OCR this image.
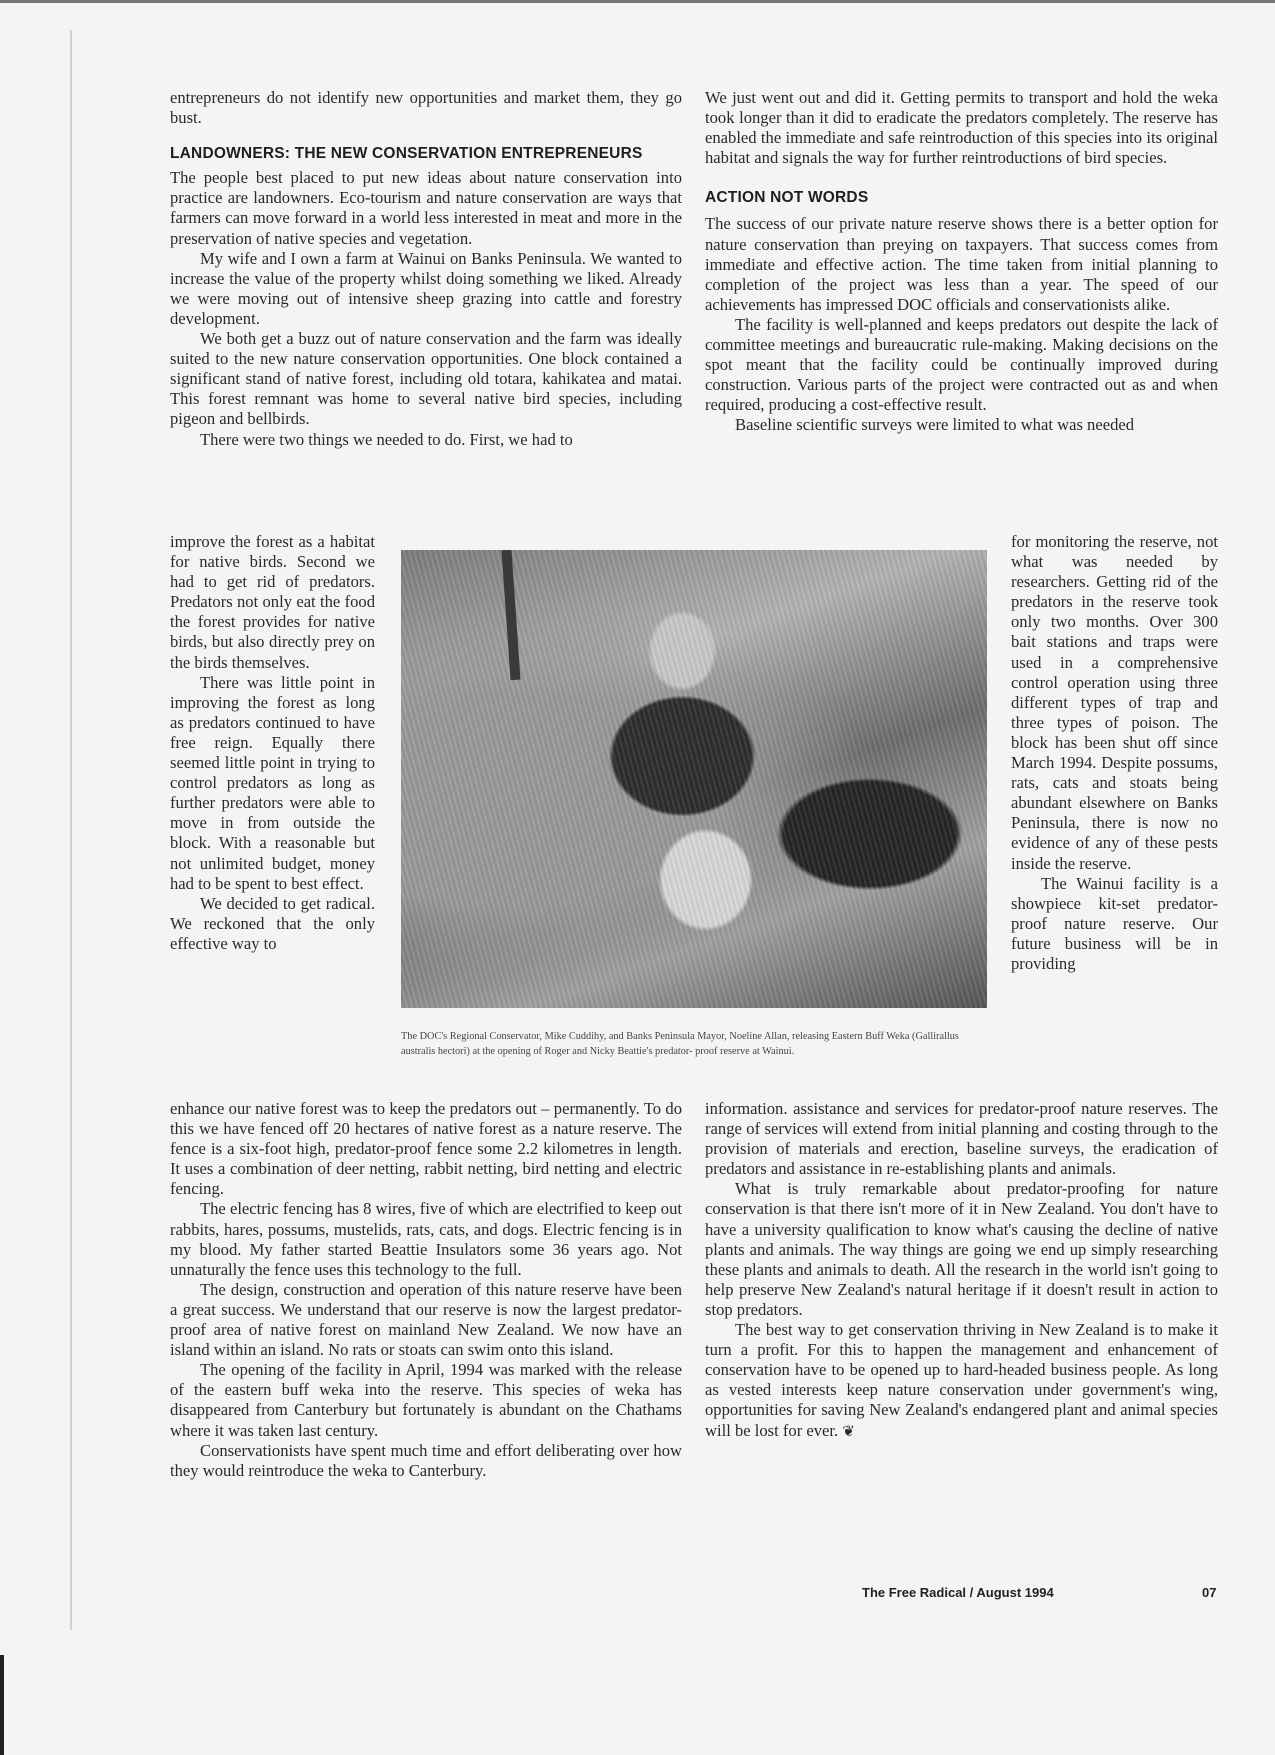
entrepreneurs do not identify new opportunities and market them, they go bust.

LANDOWNERS: THE NEW CONSERVATION ENTREPRENEURS

The people best placed to put new ideas about nature conservation into practice are landowners. Eco-tourism and nature conservation are ways that farmers can move forward in a world less interested in meat and more in the preservation of native species and vegetation.

My wife and I own a farm at Wainui on Banks Peninsula. We wanted to increase the value of the property whilst doing something we liked. Already we were moving out of intensive sheep grazing into cattle and forestry development.

We both get a buzz out of nature conservation and the farm was ideally suited to the new nature conservation opportunities. One block contained a significant stand of native forest, including old totara, kahikatea and matai. This forest remnant was home to several native bird species, including pigeon and bellbirds.

There were two things we needed to do. First, we had to

improve the forest as a habitat for native birds. Second we had to get rid of predators. Predators not only eat the food the forest provides for native birds, but also directly prey on the birds themselves.

There was little point in improving the forest as long as predators continued to have free reign. Equally there seemed little point in trying to control predators as long as further predators were able to move in from outside the block. With a reasonable but not unlimited budget, money had to be spent to best effect.

We decided to get radical. We reckoned that the only effective way to

The DOC's Regional Conservator, Mike Cuddihy, and Banks Peninsula Mayor, Noeline Allan, releasing Eastern Buff Weka (Gallirallus australis hectori) at the opening of Roger and Nicky Beattie's predator- proof reserve at Wainui.

enhance our native forest was to keep the predators out – permanently. To do this we have fenced off 20 hectares of native forest as a nature reserve. The fence is a six-foot high, predator-proof fence some 2.2 kilometres in length. It uses a combination of deer netting, rabbit netting, bird netting and electric fencing.

The electric fencing has 8 wires, five of which are electrified to keep out rabbits, hares, possums, mustelids, rats, cats, and dogs. Electric fencing is in my blood. My father started Beattie Insulators some 36 years ago. Not unnaturally the fence uses this technology to the full.

The design, construction and operation of this nature reserve have been a great success. We understand that our reserve is now the largest predator-proof area of native forest on mainland New Zealand. We now have an island within an island. No rats or stoats can swim onto this island.

The opening of the facility in April, 1994 was marked with the release of the eastern buff weka into the reserve. This species of weka has disappeared from Canterbury but fortunately is abundant on the Chathams where it was taken last century.

Conservationists have spent much time and effort deliberating over how they would reintroduce the weka to Canterbury.

We just went out and did it. Getting permits to transport and hold the weka took longer than it did to eradicate the predators completely. The reserve has enabled the immediate and safe reintroduction of this species into its original habitat and signals the way for further reintroductions of bird species.

ACTION NOT WORDS

The success of our private nature reserve shows there is a better option for nature conservation than preying on taxpayers. That success comes from immediate and effective action. The time taken from initial planning to completion of the project was less than a year. The speed of our achievements has impressed DOC officials and conservationists alike.

The facility is well-planned and keeps predators out despite the lack of committee meetings and bureaucratic rule-making. Making decisions on the spot meant that the facility could be continually improved during construction. Various parts of the project were contracted out as and when required, producing a cost-effective result.

Baseline scientific surveys were limited to what was needed

for monitoring the reserve, not what was needed by researchers. Getting rid of the predators in the reserve took only two months. Over 300 bait stations and traps were used in a comprehensive control operation using three different types of trap and three types of poison. The block has been shut off since March 1994. Despite possums, rats, cats and stoats being abundant elsewhere on Banks Peninsula, there is now no evidence of any of these pests inside the reserve.

The Wainui facility is a showpiece kit-set predator-proof nature reserve. Our future business will be in providing

information. assistance and services for predator-proof nature reserves. The range of services will extend from initial planning and costing through to the provision of materials and erection, baseline surveys, the eradication of predators and assistance in re-establishing plants and animals.

What is truly remarkable about predator-proofing for nature conservation is that there isn't more of it in New Zealand. You don't have to have a university qualification to know what's causing the decline of native plants and animals. The way things are going we end up simply researching these plants and animals to death. All the research in the world isn't going to help preserve New Zealand's natural heritage if it doesn't result in action to stop predators.

The best way to get conservation thriving in New Zealand is to make it turn a profit. For this to happen the management and enhancement of conservation have to be opened up to hard-headed business people. As long as vested interests keep nature conservation under government's wing, opportunities for saving New Zealand's endangered plant and animal species will be lost for ever. ❦

The Free Radical / August 1994	07
